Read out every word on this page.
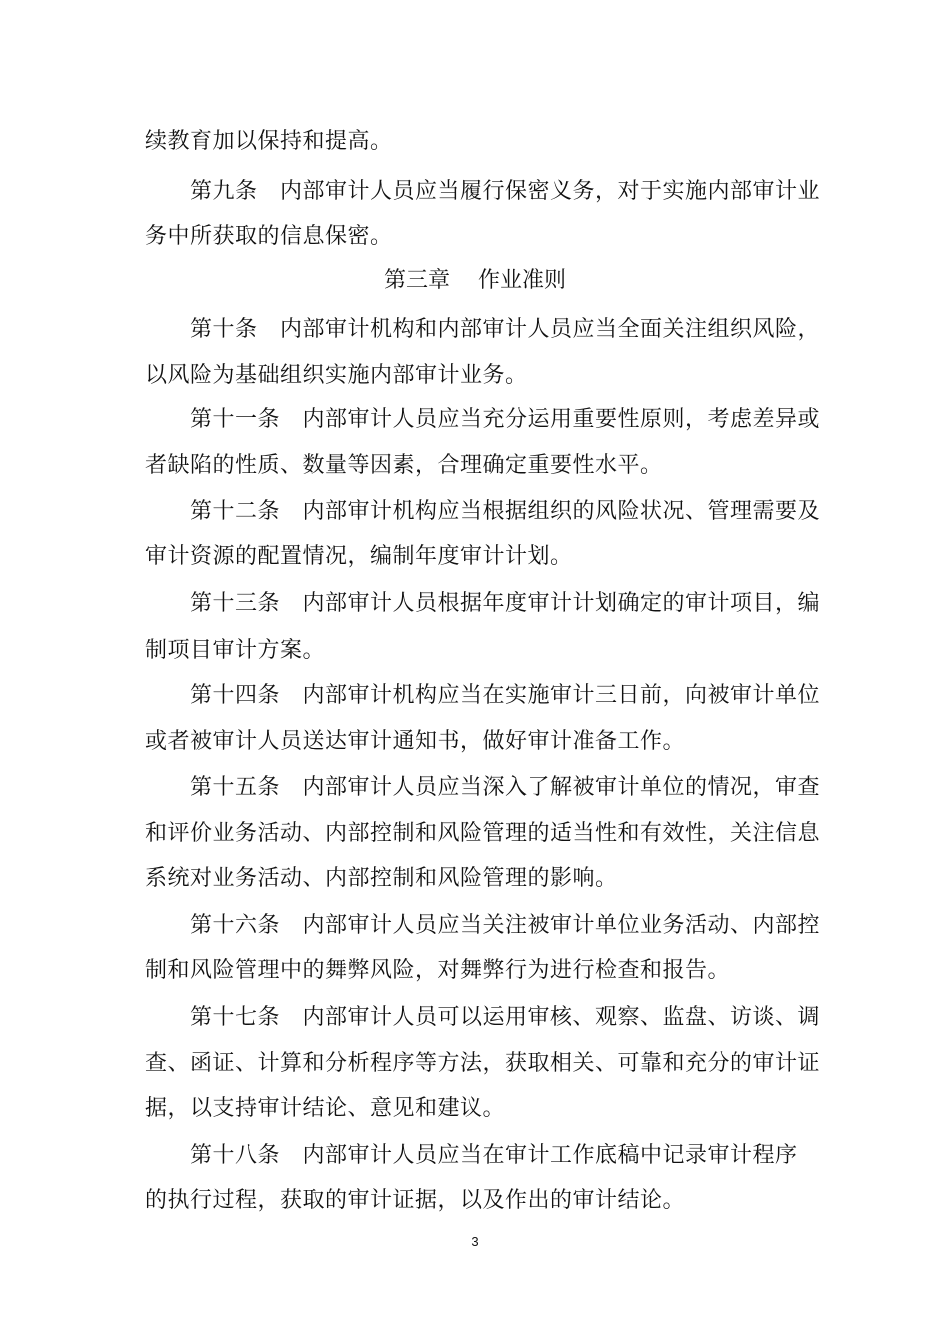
续教育加以保持和提高。
第九条　内部审计人员应当履行保密义务，对于实施内部审计业
务中所获取的信息保密。
第三章 作业准则
第十条　内部审计机构和内部审计人员应当全面关注组织风险，
以风险为基础组织实施内部审计业务。
第十一条　内部审计人员应当充分运用重要性原则，考虑差异或
者缺陷的性质、数量等因素，合理确定重要性水平。
第十二条　内部审计机构应当根据组织的风险状况、管理需要及
审计资源的配置情况，编制年度审计计划。
第十三条　内部审计人员根据年度审计计划确定的审计项目，编
制项目审计方案。
第十四条　内部审计机构应当在实施审计三日前，向被审计单位
或者被审计人员送达审计通知书，做好审计准备工作。
第十五条　内部审计人员应当深入了解被审计单位的情况，审查
和评价业务活动、内部控制和风险管理的适当性和有效性，关注信息
系统对业务活动、内部控制和风险管理的影响。
第十六条　内部审计人员应当关注被审计单位业务活动、内部控
制和风险管理中的舞弊风险，对舞弊行为进行检查和报告。
第十七条　内部审计人员可以运用审核、观察、监盘、访谈、调
查、函证、计算和分析程序等方法，获取相关、可靠和充分的审计证
据，以支持审计结论、意见和建议。
第十八条　内部审计人员应当在审计工作底稿中记录审计程序
的执行过程，获取的审计证据，以及作出的审计结论。
3
